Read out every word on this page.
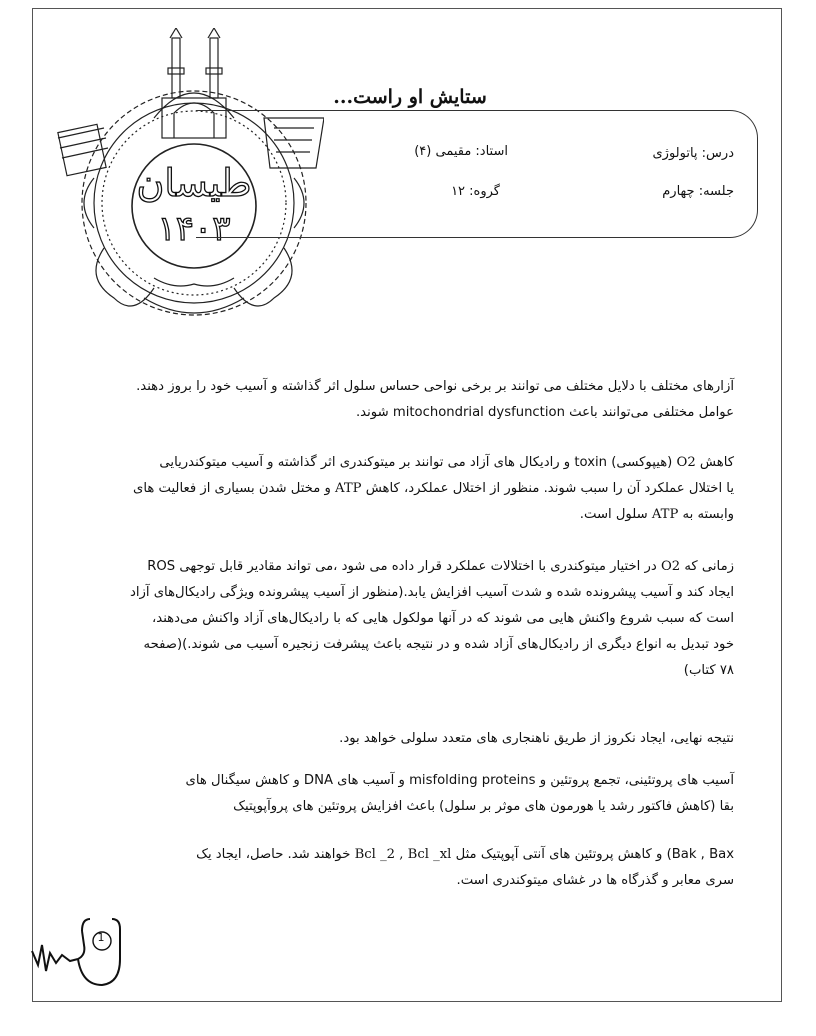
طیسان
۱۴۰۳
ستایش او راست...
درس: پاتولوژی
استاد: مقیمی (۴)
جلسه: چهارم
گروه: ۱۲

آزارهای مختلف با دلایل مختلف می توانند بر برخی نواحی حساس سلول اثر گذاشته و آسیب خود را بروز دهند.

عوامل مختلفی می‌توانند باعث mitochondrial dysfunction شوند.

کاهش O2 (هیپوکسی) toxin و رادیکال های آزاد می توانند بر میتوکندری اثر گذاشته و آسیب میتوکندریایی

یا اختلال عملکرد آن را سبب شوند. منظور از اختلال عملکرد، کاهش ATP و مختل شدن بسیاری از فعالیت های

وابسته به ATP سلول است.

زمانی که O2 در اختیار میتوکندری با اختلالات عملکرد قرار داده می شود ،می تواند مقادیر قابل توجهی ROS

ایجاد کند و آسیب پیشرونده شده و شدت آسیب افزایش یابد.(منظور از آسیب پیشرونده ویژگی رادیکال‌های آزاد

است که سبب شروع واکنش هایی می شوند که در آنها مولکول هایی که با رادیکال‌های آزاد واکنش می‌دهند،

خود تبدیل به انواع دیگری از رادیکال‌های آزاد شده و در نتیجه باعث پیشرفت زنجیره آسیب می شوند.)(صفحه

۷۸ کتاب)

نتیجه نهایی، ایجاد نکروز از طریق ناهنجاری های متعدد سلولی خواهد بود.

آسیب های پروتئینی، تجمع پروتئین و misfolding proteins و آسیب های DNA و کاهش سیگنال های

بقا (کاهش فاکتور رشد یا هورمون های موثر بر سلول) باعث افزایش پروتئین های پروآپوپتیک

(Bak , Bax و کاهش پروتئین های آنتی آپوپتیک مثل Bcl _2 , Bcl _xl خواهند شد. حاصل، ایجاد یک

سری معابر و گذرگاه ها در غشای میتوکندری است.

1
